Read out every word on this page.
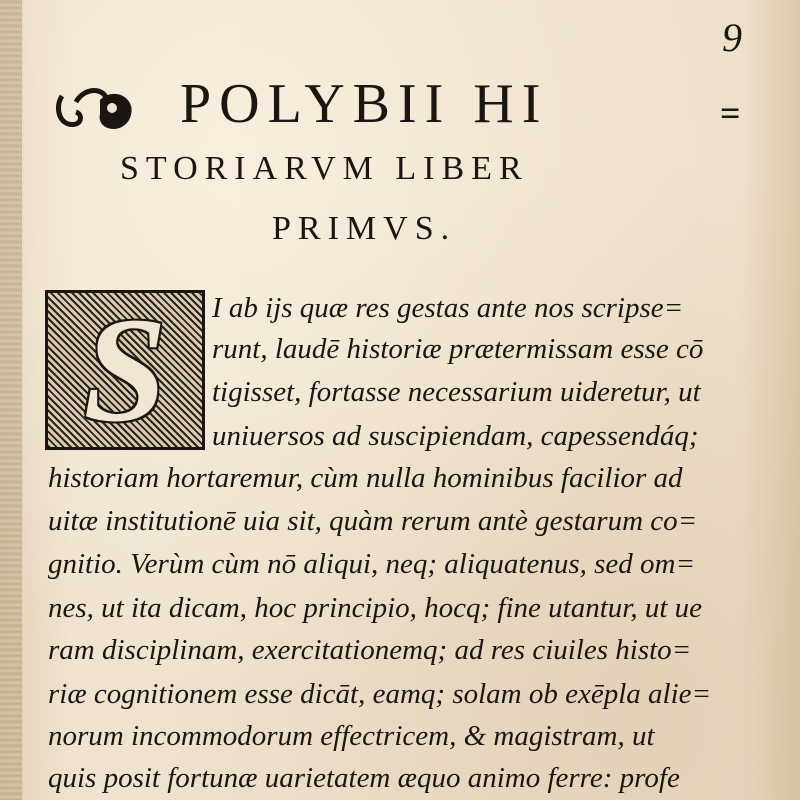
9
POLYBII HI	=
STORIARVM LIBER
PRIMVS.
S	I ab ijs quæ res gestas ante nos scripse=
runt, laudē historiæ prætermissam esse cō
tigisset, fortasse necessarium uideretur, ut
uniuersos ad suscipiendam, capessendáq;
historiam hortaremur, cùm nulla hominibus facilior ad
uitæ institutionē uia sit, quàm rerum antè gestarum co=
gnitio. Verùm cùm nō aliqui, neq; aliquatenus, sed om=
nes, ut ita dicam, hoc principio, hocq; fine utantur, ut ue
ram disciplinam, exercitationemq; ad res ciuiles histo=
riæ cognitionem esse dicāt, eamq; solam ob exēpla alie=
norum incommodorum effectricem, & magistram, ut
quis posit fortunæ uarietatem æquo animo ferre: profe
